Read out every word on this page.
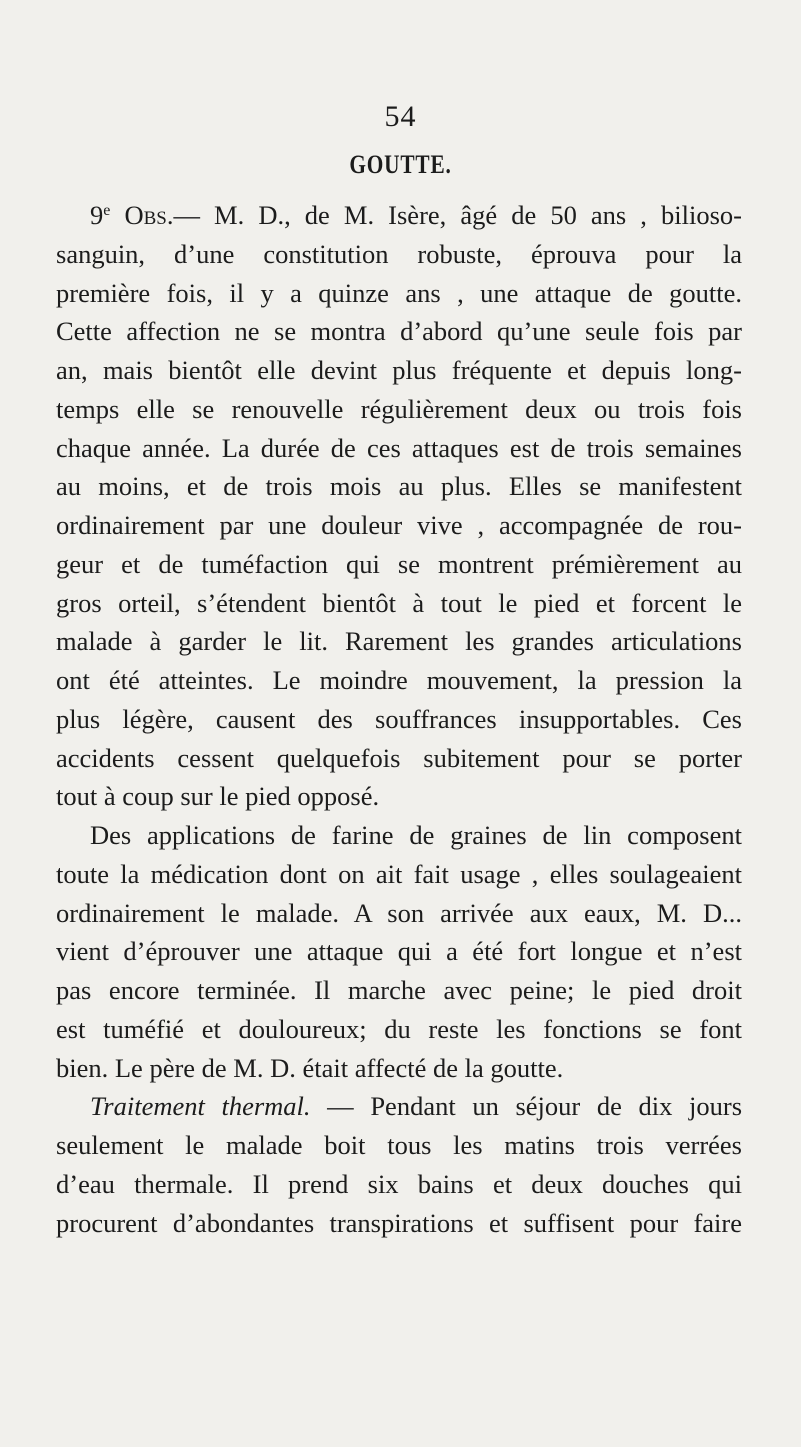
54
GOUTTE.
9e Obs.— M. D., de M. Isère, âgé de 50 ans , bilioso-
sanguin, d’une constitution robuste, éprouva pour la
première fois, il y a quinze ans , une attaque de goutte.
Cette affection ne se montra d’abord qu’une seule fois par
an, mais bientôt elle devint plus fréquente et depuis long-
temps elle se renouvelle régulièrement deux ou trois fois
chaque année. La durée de ces attaques est de trois semaines
au moins, et de trois mois au plus. Elles se manifestent
ordinairement par une douleur vive , accompagnée de rou-
geur et de tuméfaction qui se montrent prémièrement au
gros orteil, s’étendent bientôt à tout le pied et forcent le
malade à garder le lit. Rarement les grandes articulations
ont été atteintes. Le moindre mouvement, la pression la
plus légère, causent des souffrances insupportables. Ces
accidents cessent quelquefois subitement pour se porter
tout à coup sur le pied opposé.
Des applications de farine de graines de lin composent
toute la médication dont on ait fait usage , elles soulageaient
ordinairement le malade. A son arrivée aux eaux, M. D...
vient d’éprouver une attaque qui a été fort longue et n’est
pas encore terminée. Il marche avec peine; le pied droit
est tuméfié et douloureux; du reste les fonctions se font
bien. Le père de M. D. était affecté de la goutte.
Traitement thermal. — Pendant un séjour de dix jours
seulement le malade boit tous les matins trois verrées
d’eau thermale. Il prend six bains et deux douches qui
procurent d’abondantes transpirations et suffisent pour faire
